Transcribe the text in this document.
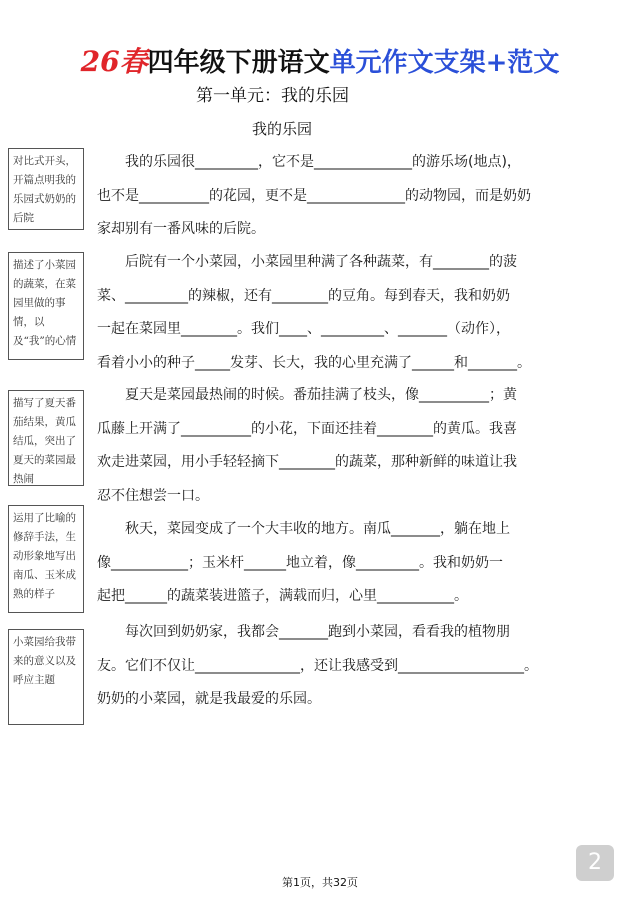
26春四年级下册语文单元作文支架+范文
第一单元：我的乐园
我的乐园
对比式开头，开篇点明我的乐园式奶奶的后院
描述了小菜园的蔬菜，在菜园里做的事情，以及“我”的心情
描写了夏天番茄结果，黄瓜结瓜，突出了夏天的菜园最热闹
运用了比喻的修辞手法，生动形象地写出南瓜、玉米成熟的样子
小菜园给我带来的意义以及呼应主题
　　我的乐园很_________，它不是______________的游乐场(地点)，
也不是__________的花园，更不是______________的动物园，而是奶奶
家却别有一番风味的后院。
　　后院有一个小菜园，小菜园里种满了各种蔬菜，有________的菠
菜、_________的辣椒，还有________的豆角。每到春天，我和奶奶
一起在菜园里________。我们____、_________、_______（动作），
看着小小的种子_____发芽、长大，我的心里充满了______和_______。
　　夏天是菜园最热闹的时候。番茄挂满了枝头，像__________；黄
瓜藤上开满了__________的小花，下面还挂着________的黄瓜。我喜
欢走进菜园，用小手轻轻摘下________的蔬菜，那种新鲜的味道让我
忍不住想尝一口。
　　秋天，菜园变成了一个大丰收的地方。南瓜_______，躺在地上
像___________；玉米杆______地立着，像_________。我和奶奶一
起把______的蔬菜装进篮子，满载而归，心里___________。
　　每次回到奶奶家，我都会_______跑到小菜园，看看我的植物朋
友。它们不仅让_______________，还让我感受到__________________。
奶奶的小菜园，就是我最爱的乐园。
第1页，共32页
2
